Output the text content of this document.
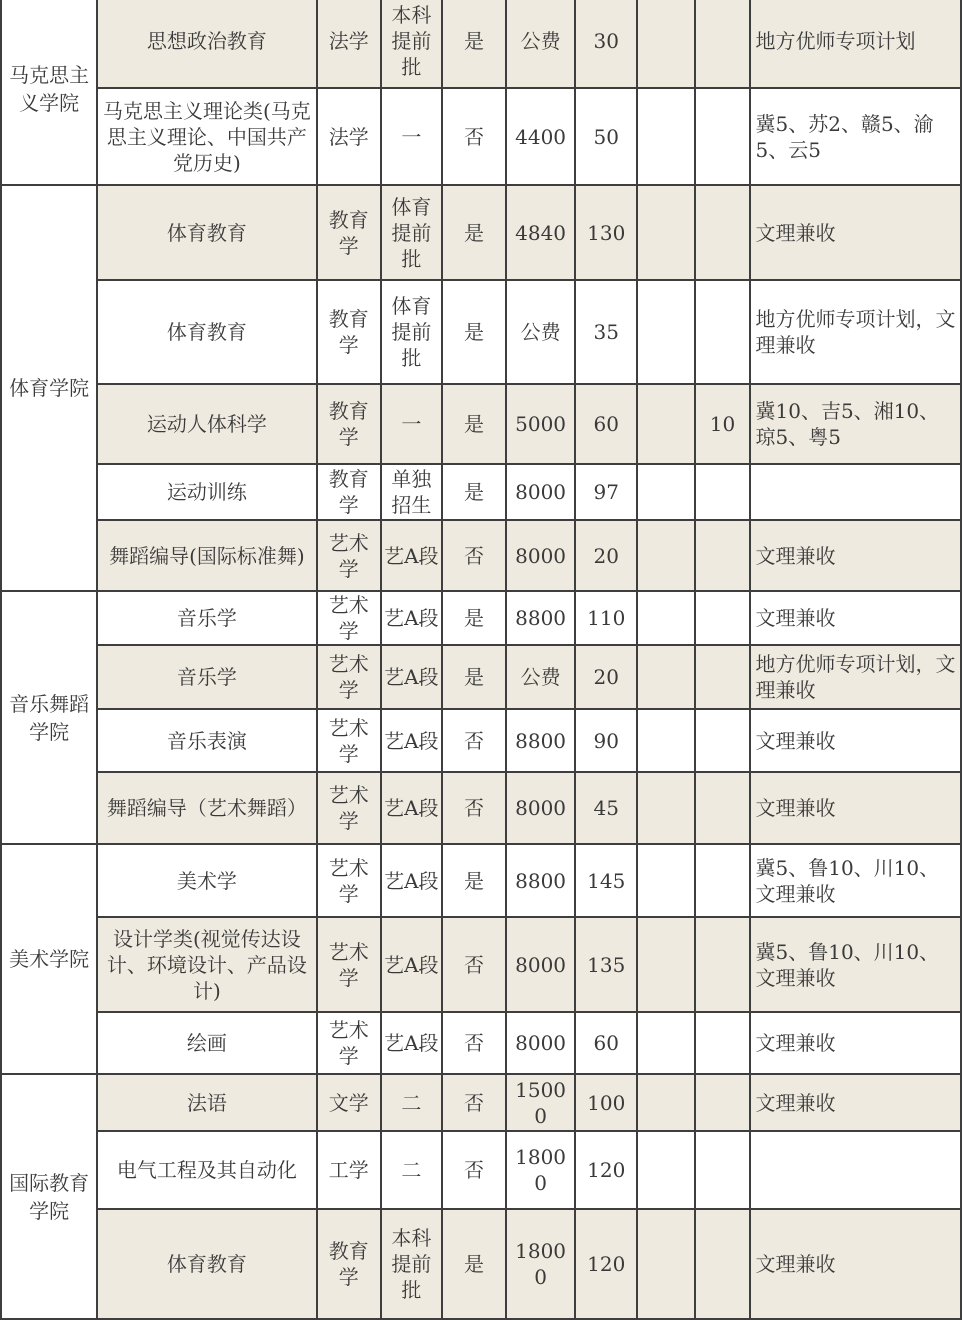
马克思主义学院	思想政治教育	法学	本科提前批	是	公费	30			地方优师专项计划
	马克思主义理论类(马克思主义理论、中国共产党历史)	法学	一	否	4400	50			冀5、苏2、赣5、渝5、云5
体育学院	体育教育	教育学	体育提前批	是	4840	130			文理兼收
	体育教育	教育学	体育提前批	是	公费	35			地方优师专项计划，文理兼收
	运动人体科学	教育学	一	是	5000	60		10	冀10、吉5、湘10、琼5、粤5
	运动训练	教育学	单独招生	是	8000	97			
	舞蹈编导(国际标准舞)	艺术学	艺A段	否	8000	20			文理兼收
音乐舞蹈学院	音乐学	艺术学	艺A段	是	8800	110			文理兼收
	音乐学	艺术学	艺A段	是	公费	20			地方优师专项计划，文理兼收
	音乐表演	艺术学	艺A段	否	8800	90			文理兼收
	舞蹈编导（艺术舞蹈）	艺术学	艺A段	否	8000	45			文理兼收
美术学院	美术学	艺术学	艺A段	是	8800	145			冀5、鲁10、川10、文理兼收
	设计学类(视觉传达设计、环境设计、产品设计)	艺术学	艺A段	否	8000	135			冀5、鲁10、川10、文理兼收
	绘画	艺术学	艺A段	否	8000	60			文理兼收
国际教育学院	法语	文学	二	否	15000	100			文理兼收
	电气工程及其自动化	工学	二	否	18000	120			
	体育教育	教育学	本科提前批	是	18000	120			文理兼收
